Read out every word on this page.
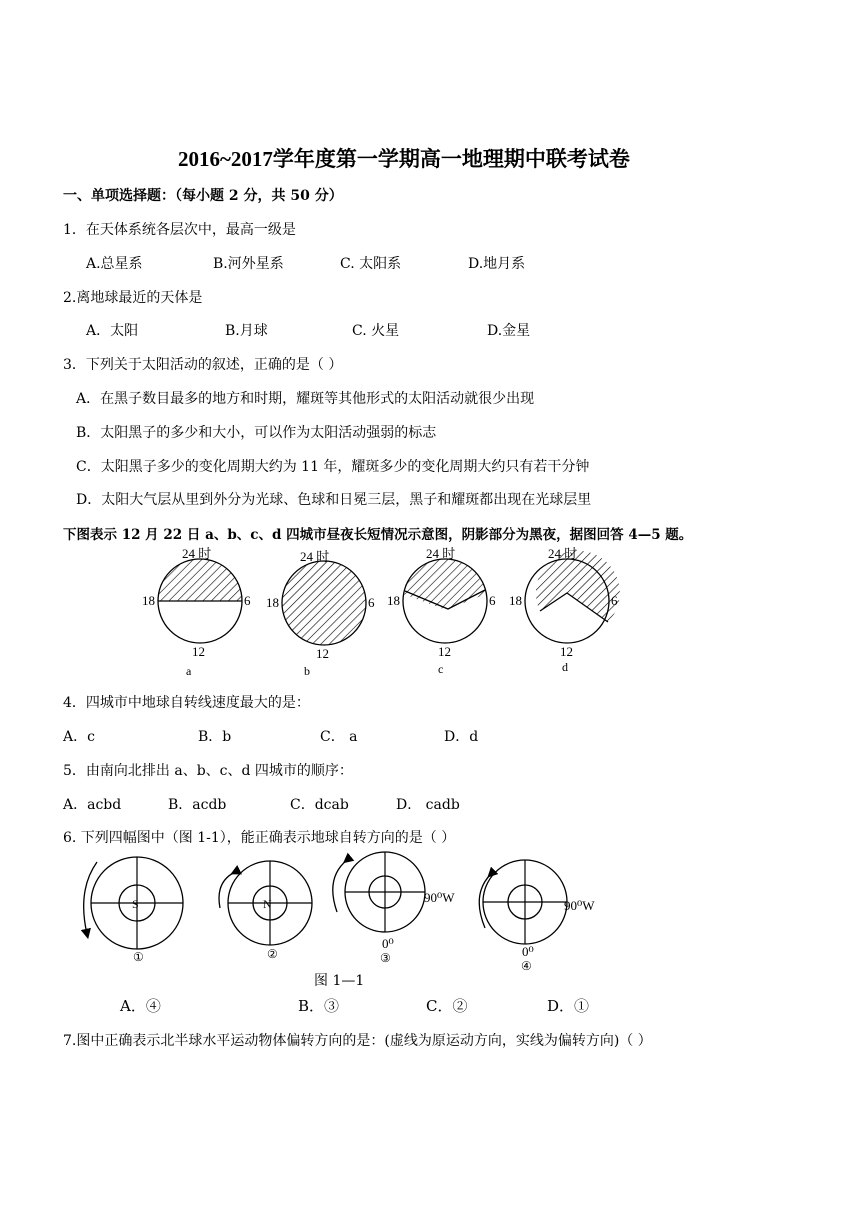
2016~2017学年度第一学期高一地理期中联考试卷
一、单项选择题：（每小题 2 分，共 50 分）
1．在天体系统各层次中，最高一级是
A.总星系	B.河外星系	C. 太阳系	D.地月系
2.离地球最近的天体是
A．太阳	B.月球	C. 火星	D.金星
3．下列关于太阳活动的叙述，正确的是（ ）
A．在黑子数目最多的地方和时期，耀斑等其他形式的太阳活动就很少出现
B．太阳黑子的多少和大小，可以作为太阳活动强弱的标志
C．太阳黑子多少的变化周期大约为 11 年，耀斑多少的变化周期大约只有若干分钟
D．太阳大气层从里到外分为光球、色球和日冕三层，黑子和耀斑都出现在光球层里
下图表示 12 月 22 日 a、b、c、d 四城市昼夜长短情况示意图，阴影部分为黑夜，据图回答 4—5 题。
24 时
18	6
12
a
24 时
18	6
12
b
24 时
18	6
12
c
24 时
18	6
12
d
4．四城市中地球自转线速度最大的是：
A．c	B．b	C． a	D．d
5．由南向北排出 a、b、c、d 四城市的顺序：
A．acbd	B．acdb	C．dcab	D． cadb
6. 下列四幅图中（图 1-1），能正确表示地球自转方向的是（ ）
S
①
N
②
90⁰W
0⁰
③
90⁰W
0⁰
④
图 1—1
A．④	B．③	C．②	D．①
7.图中正确表示北半球水平运动物体偏转方向的是：(虚线为原运动方向，实线为偏转方向)（ ）
